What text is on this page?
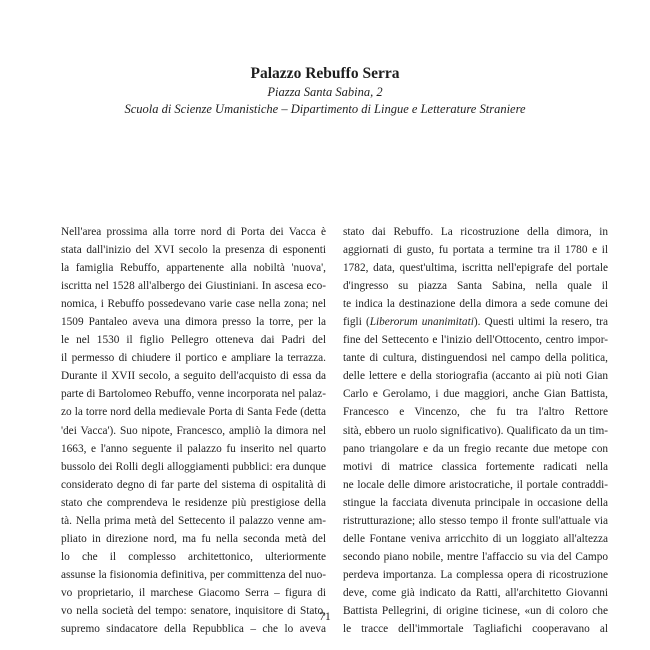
Palazzo Rebuffo Serra
Piazza Santa Sabina, 2
Scuola di Scienze Umanistiche – Dipartimento di Lingue e Letterature Straniere
Nell'area prossima alla torre nord di Porta dei Vacca è
stata dall'inizio del XVI secolo la presenza di esponenti
la famiglia Rebuffo, appartenente alla nobiltà 'nuova',
iscritta nel 1528 all'albergo dei Giustiniani. In ascesa eco-
nomica, i Rebuffo possedevano varie case nella zona; nel
1509 Pantaleo aveva una dimora presso la torre, per la
le nel 1530 il figlio Pellegro otteneva dai Padri del
il permesso di chiudere il portico e ampliare la terrazza.
Durante il XVII secolo, a seguito dell'acquisto di essa da
parte di Bartolomeo Rebuffo, venne incorporata nel palaz-
zo la torre nord della medievale Porta di Santa Fede (detta
'dei Vacca'). Suo nipote, Francesco, ampliò la dimora nel
1663, e l'anno seguente il palazzo fu inserito nel quarto
bussolo dei Rolli degli alloggiamenti pubblici: era dunque
considerato degno di far parte del sistema di ospitalità di
stato che comprendeva le residenze più prestigiose della
tà. Nella prima metà del Settecento il palazzo venne am-
pliato in direzione nord, ma fu nella seconda metà del
lo che il complesso architettonico, ulteriormente
assunse la fisionomia definitiva, per committenza del nuo-
vo proprietario, il marchese Giacomo Serra – figura di
vo nella società del tempo: senatore, inquisitore di Stato,
supremo sindacatore della Repubblica – che lo aveva
stato dai Rebuffo. La ricostruzione della dimora, in
aggiornati di gusto, fu portata a termine tra il 1780 e il
1782, data, quest'ultima, iscritta nell'epigrafe del portale
d'ingresso su piazza Santa Sabina, nella quale il
te indica la destinazione della dimora a sede comune dei
figli (Liberorum unanimitati). Questi ultimi la resero, tra
fine del Settecento e l'inizio dell'Ottocento, centro impor-
tante di cultura, distinguendosi nel campo della politica,
delle lettere e della storiografia (accanto ai più noti Gian
Carlo e Gerolamo, i due maggiori, anche Gian Battista,
Francesco e Vincenzo, che fu tra l'altro Rettore
sità, ebbero un ruolo significativo). Qualificato da un tim-
pano triangolare e da un fregio recante due metope con
motivi di matrice classica fortemente radicati nella
ne locale delle dimore aristocratiche, il portale contraddi-
stingue la facciata divenuta principale in occasione della
ristrutturazione; allo stesso tempo il fronte sull'attuale via
delle Fontane veniva arricchito di un loggiato all'altezza
secondo piano nobile, mentre l'affaccio su via del Campo
perdeva importanza. La complessa opera di ricostruzione
deve, come già indicato da Ratti, all'architetto Giovanni
Battista Pellegrini, di origine ticinese, «un di coloro che
le tracce dell'immortale Tagliafichi cooperavano al
71
